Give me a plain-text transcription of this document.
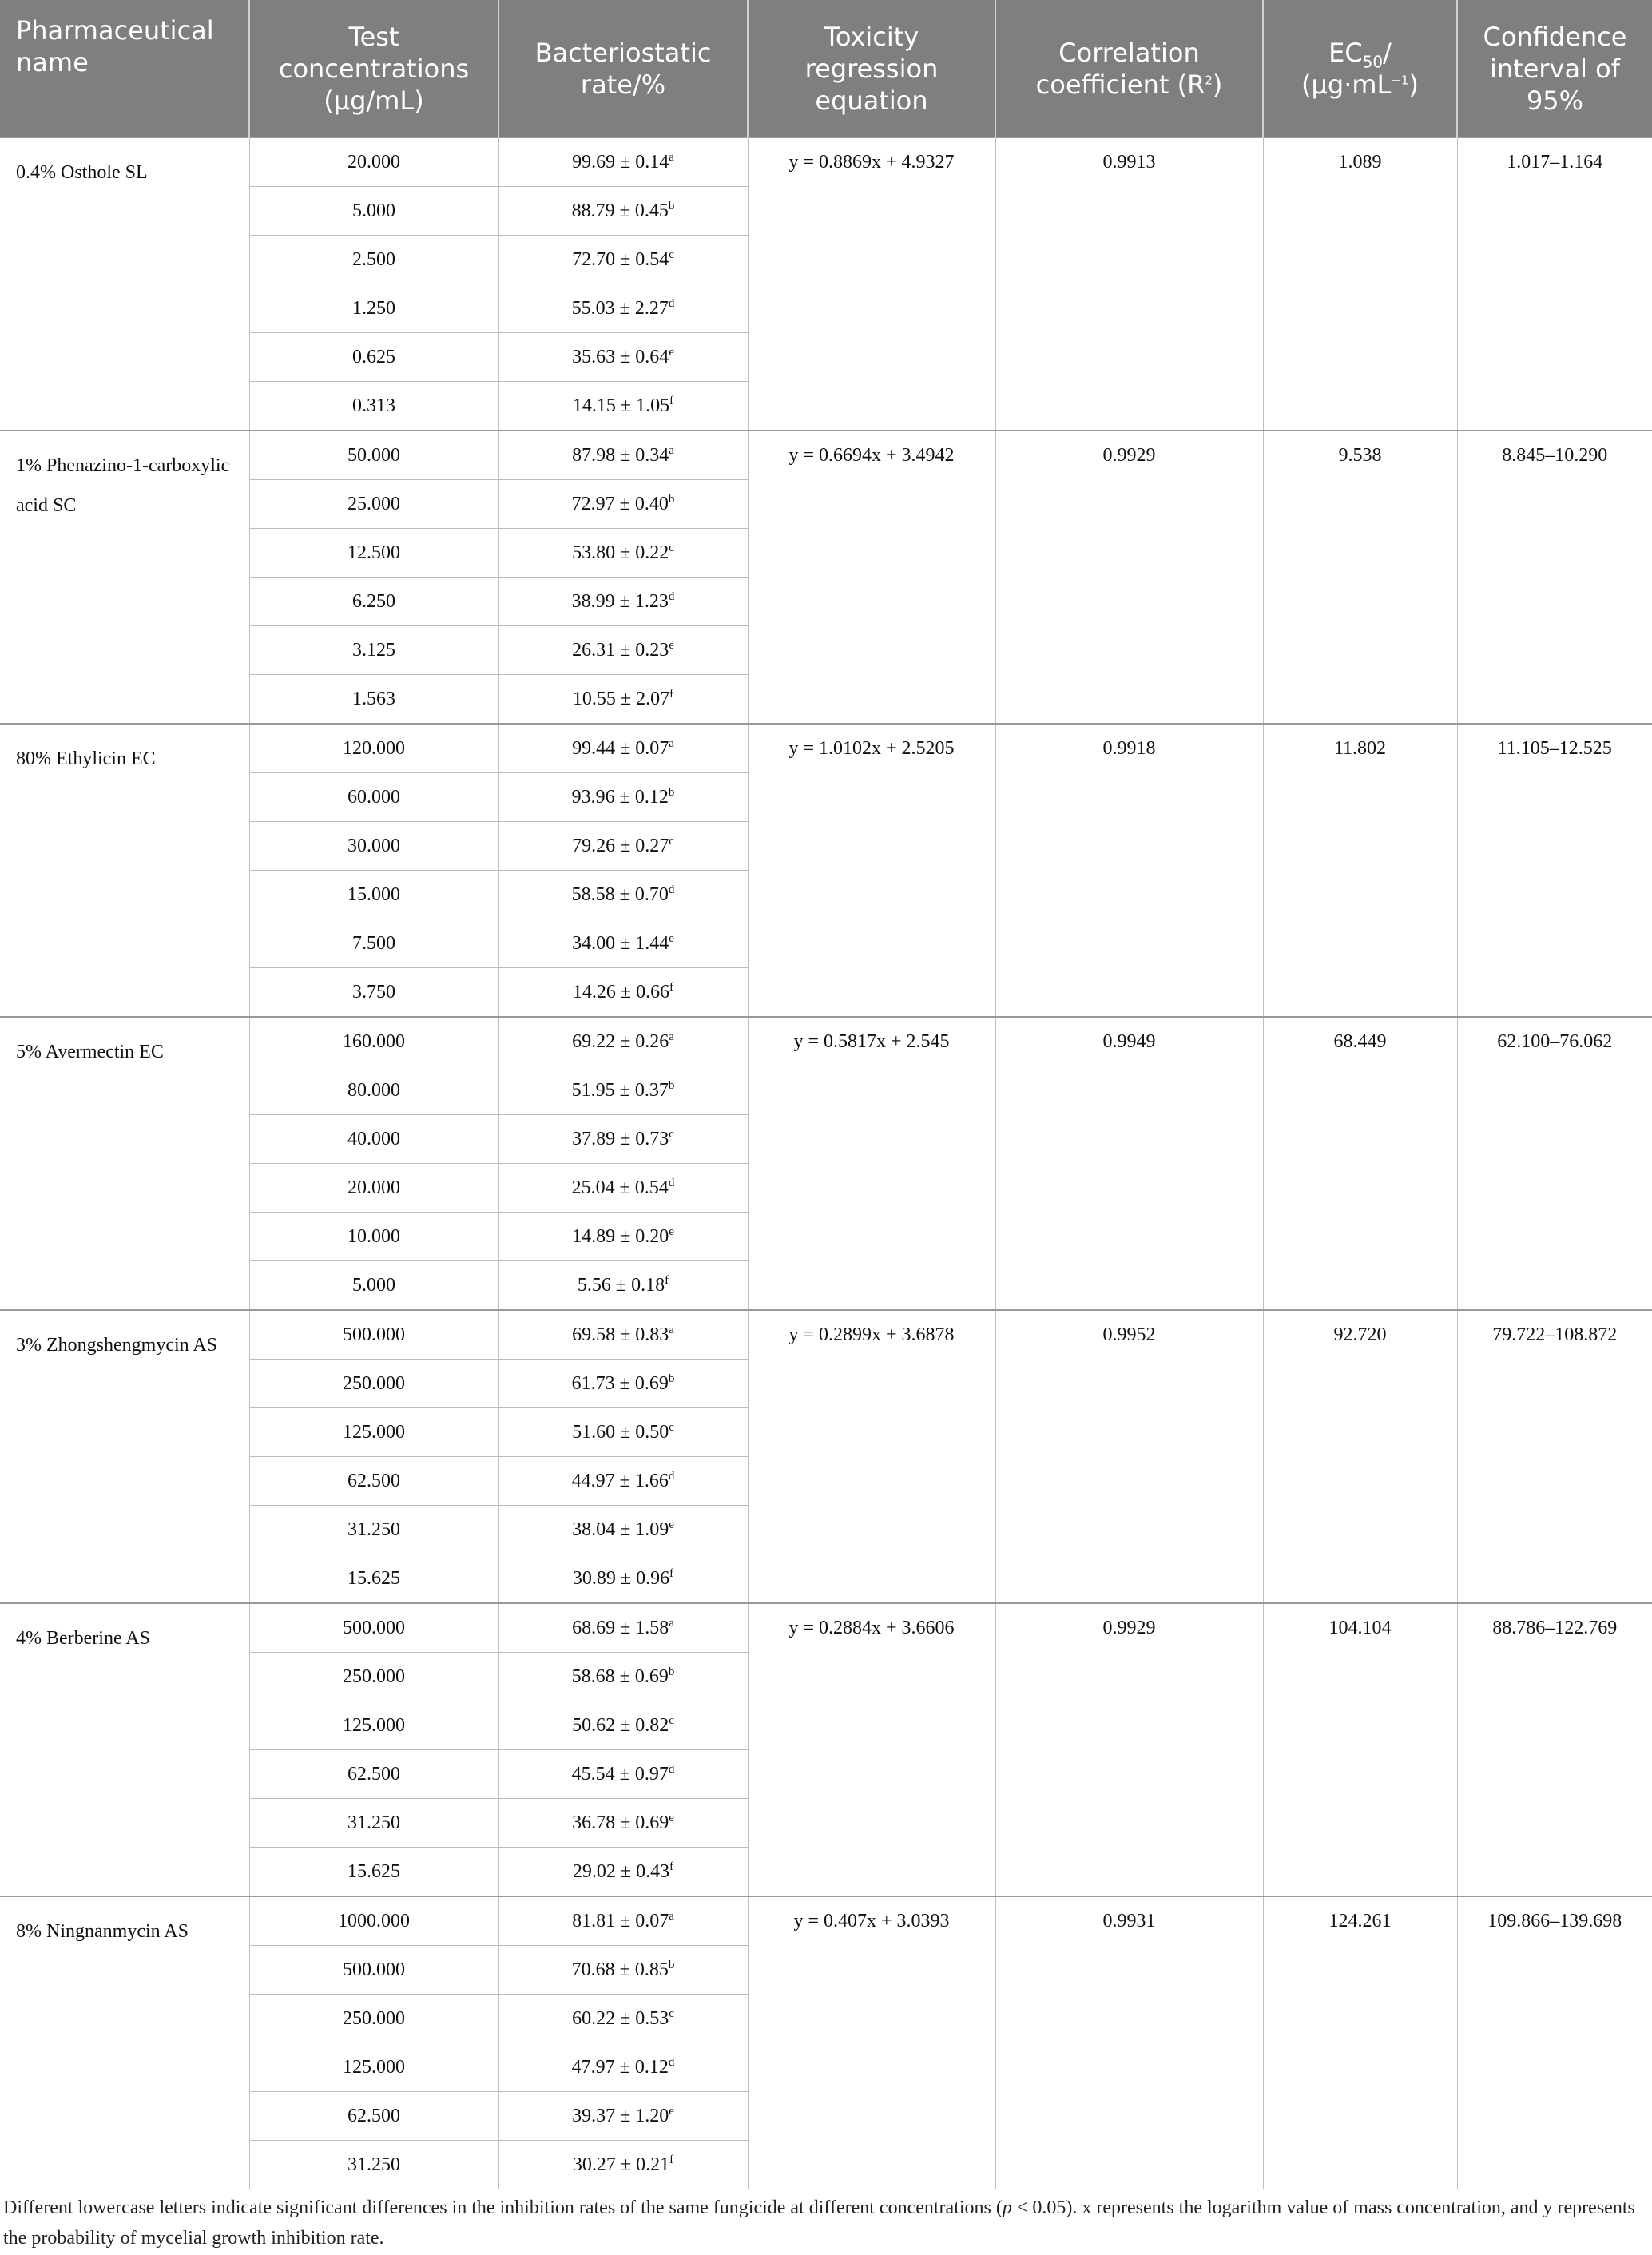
Pharmaceutical name	Test concentrations (μg/mL)	Bacteriostatic rate/%	Toxicity regression equation	Correlation coefficient $(R^2)$	$EC_{50}/$ $(\mu g\cdot mL^{-1})$	Confidence interval of 95%
0.4% Osthole SL	20.000	99.69 ± 0.14$^a$	y = 0.8869x + 4.9327	0.9913	1.089	1.017–1.164
	5.000	88.79 ± 0.45$^b$
	2.500	72.70 ± 0.54$^c$
	1.250	55.03 ± 2.27$^d$
	0.625	35.63 ± 0.64$^e$
	0.313	14.15 ± 1.05$^f$
1% Phenazino-1-carboxylic acid SC	50.000	87.98 ± 0.34$^a$	y = 0.6694x + 3.4942	0.9929	9.538	8.845–10.290
	25.000	72.97 ± 0.40$^b$
	12.500	53.80 ± 0.22$^c$
	6.250	38.99 ± 1.23$^d$
	3.125	26.31 ± 0.23$^e$
	1.563	10.55 ± 2.07$^f$
80% Ethylicin EC	120.000	99.44 ± 0.07$^a$	y = 1.0102x + 2.5205	0.9918	11.802	11.105–12.525
	60.000	93.96 ± 0.12$^b$
	30.000	79.26 ± 0.27$^c$
	15.000	58.58 ± 0.70$^d$
	7.500	34.00 ± 1.44$^e$
	3.750	14.26 ± 0.66$^f$
5% Avermectin EC	160.000	69.22 ± 0.26$^a$	y = 0.5817x + 2.545	0.9949	68.449	62.100–76.062
	80.000	51.95 ± 0.37$^b$
	40.000	37.89 ± 0.73$^c$
	20.000	25.04 ± 0.54$^d$
	10.000	14.89 ± 0.20$^e$
	5.000	5.56 ± 0.18$^f$
3% Zhongshengmycin AS	500.000	69.58 ± 0.83$^a$	y = 0.2899x + 3.6878	0.9952	92.720	79.722–108.872
	250.000	61.73 ± 0.69$^b$
	125.000	51.60 ± 0.50$^c$
	62.500	44.97 ± 1.66$^d$
	31.250	38.04 ± 1.09$^e$
	15.625	30.89 ± 0.96$^f$
4% Berberine AS	500.000	68.69 ± 1.58$^a$	y = 0.2884x + 3.6606	0.9929	104.104	88.786–122.769
	250.000	58.68 ± 0.69$^b$
	125.000	50.62 ± 0.82$^c$
	62.500	45.54 ± 0.97$^d$
	31.250	36.78 ± 0.69$^e$
	15.625	29.02 ± 0.43$^f$
8% Ningnanmycin AS	1000.000	81.81 ± 0.07$^a$	y = 0.407x + 3.0393	0.9931	124.261	109.866–139.698
	500.000	70.68 ± 0.85$^b$
	250.000	60.22 ± 0.53$^c$
	125.000	47.97 ± 0.12$^d$
	62.500	39.37 ± 1.20$^e$
	31.250	30.27 ± 0.21$^f$

Different lowercase letters indicate significant differences in the inhibition rates of the same fungicide at different concentrations (p < 0.05). x represents the logarithm value of mass concentration, and y represents the probability of mycelial growth inhibition rate.
